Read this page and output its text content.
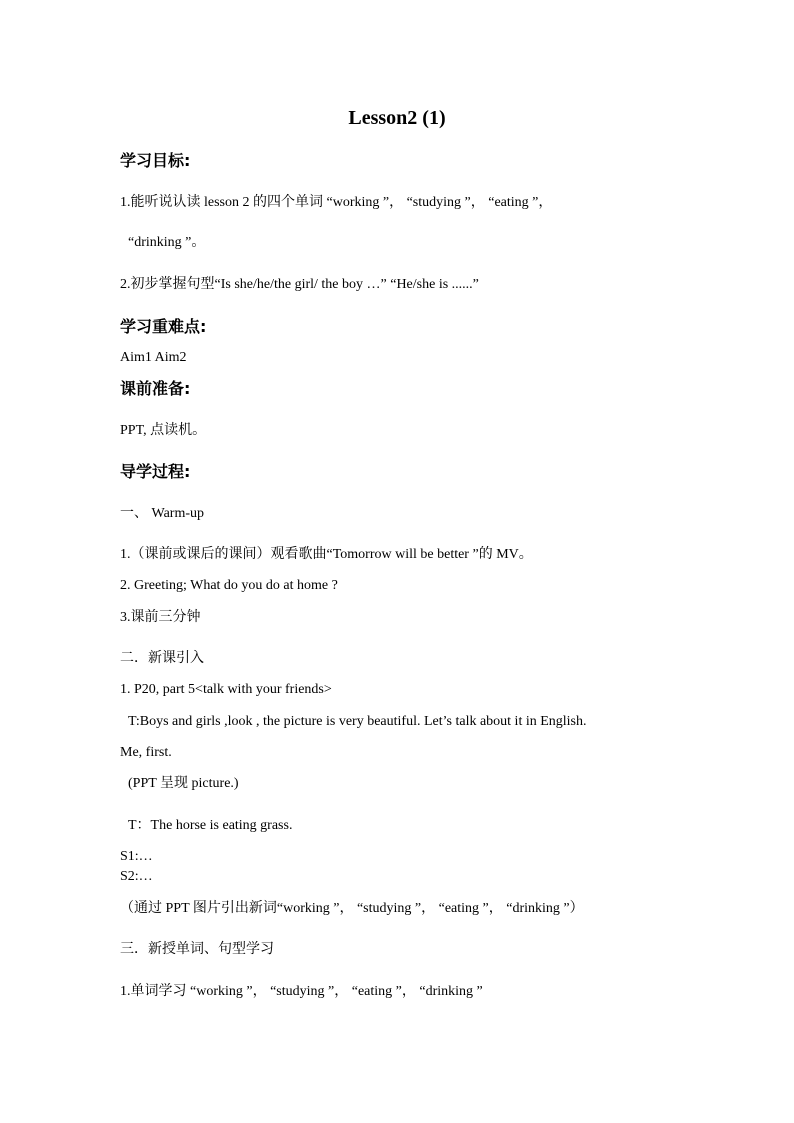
Lesson2 (1)
学习目标:
1.能听说认读 lesson 2 的四个单词 “working ”， “studying ”， “eating ”，
“drinking ”。
2.初步掌握句型“Is she/he/the girl/ the boy …” “He/she is ......”
学习重难点:
Aim1 Aim2
课前准备:
PPT, 点读机。
导学过程:
一、 Warm-up
1.（课前或课后的课间）观看歌曲“Tomorrow will be better ”的 MV。
2. Greeting; What do you do at home ?
3.课前三分钟
二．新课引入
1. P20, part 5<talk with your friends>
T:Boys and girls ,look , the picture is very beautiful. Let’s talk about it in English.
Me, first.
(PPT 呈现 picture.)
T：The horse is eating grass.
S1:…
S2:…
（通过 PPT 图片引出新词“working ”， “studying ”， “eating ”， “drinking ”）
三．新授单词、句型学习
1.单词学习 “working ”， “studying ”， “eating ”， “drinking ”
